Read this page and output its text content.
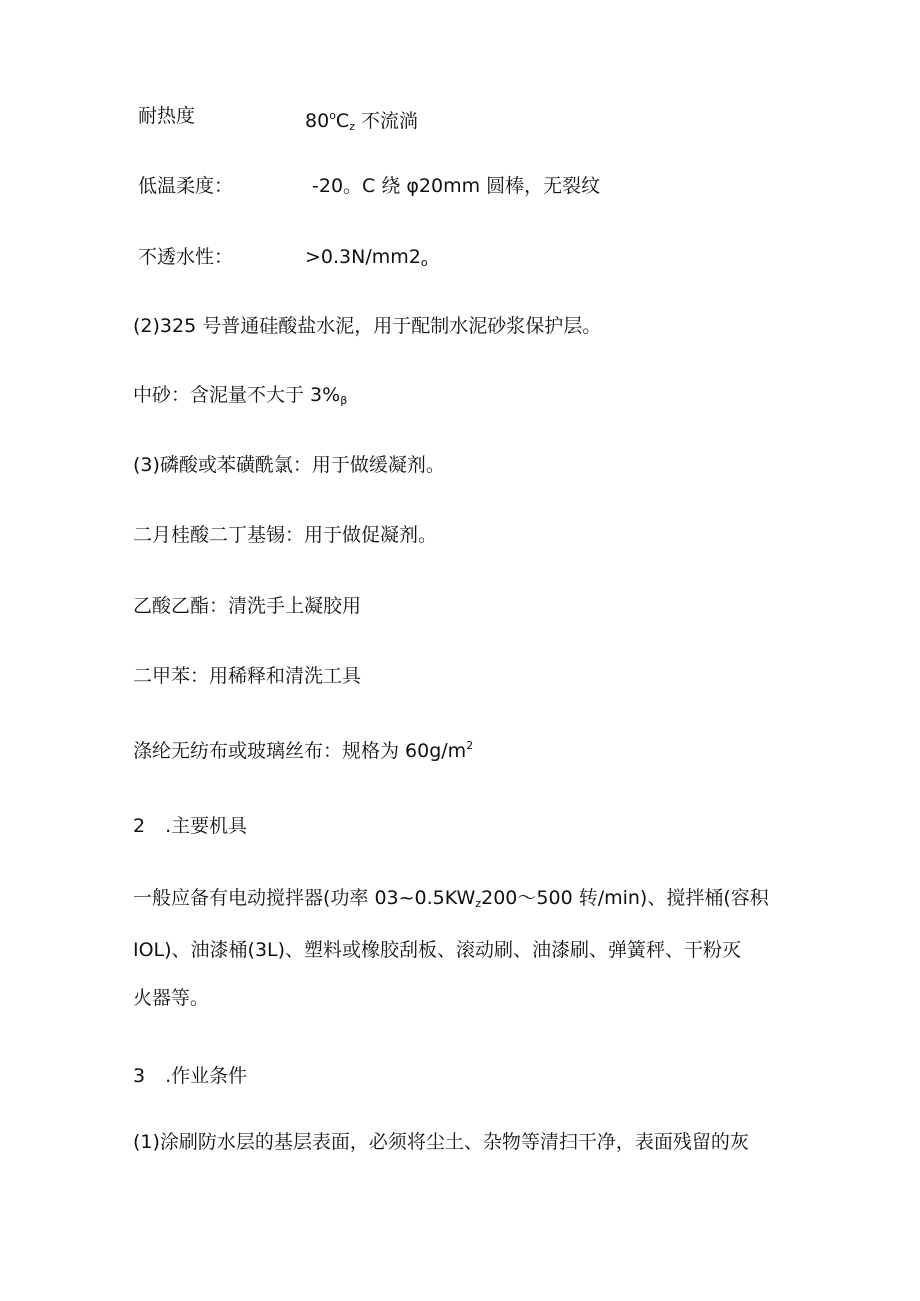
耐热度	$80^oC_z$ 不流淌
低温柔度：	-20。C 绕 φ20mm 圆棒，无裂纹
不透水性：	$>0.3N∕mm2_o$
(2)325 号普通硅酸盐水泥，用于配制水泥砂浆保护层。
中砂：含泥量不大于 $3\%_\beta$
(3)磷酸或苯磺酰氯：用于做缓凝剂。
二月桂酸二丁基锡：用于做促凝剂。
乙酸乙酯：清洗手上凝胶用
二甲苯：用稀释和清洗工具
涤纶无纺布或玻璃丝布：规格为 $60g∕m^2$
2 .主要机具
一般应备有电动搅拌器(功率 $03\sim 0.5KW_z200\sim 500$ 转/min)、搅拌桶(容积
IOL)、油漆桶(3L)、塑料或橡胶刮板、滚动刷、油漆刷、弹簧秤、干粉灭
火器等。
3 .作业条件
(1)涂刷防水层的基层表面，必须将尘土、杂物等清扫干净，表面残留的灰
